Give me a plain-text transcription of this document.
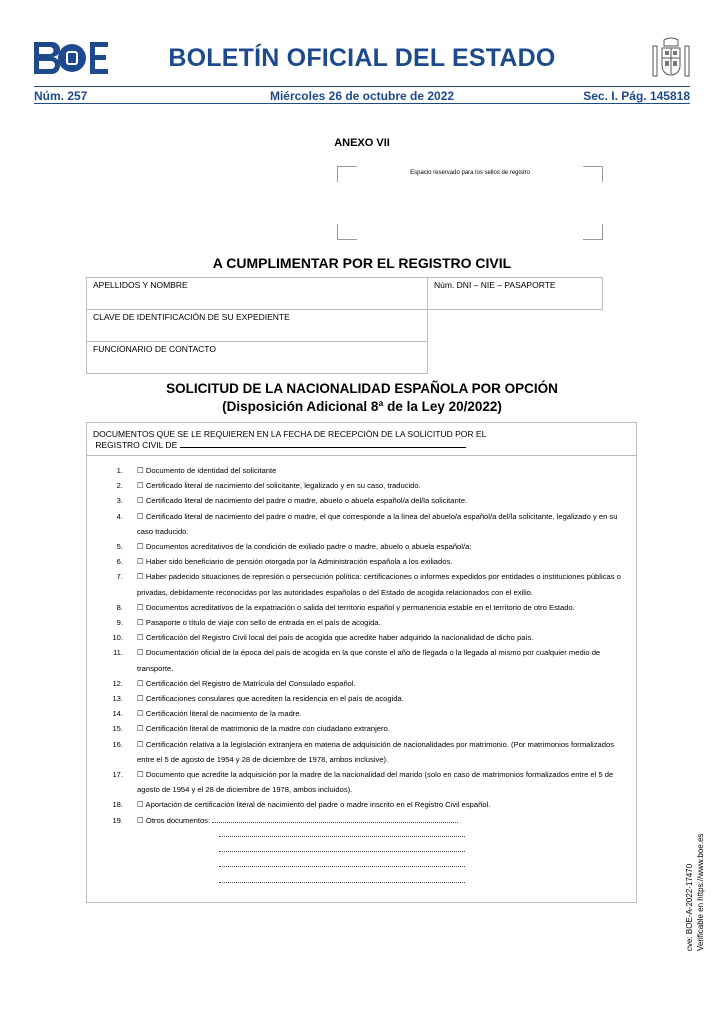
BOLETÍN OFICIAL DEL ESTADO
Miércoles 26 de octubre de 2022
Núm. 257	Sec. I. Pág. 145818
ANEXO VII
Espacio reservado para los sellos de registro
A CUMPLIMENTAR POR EL REGISTRO CIVIL
APELLIDOS Y NOMBRE	Núm. DNI – NIE – PASAPORTE
CLAVE DE IDENTIFICACIÓN DE SU EXPEDIENTE
FUNCIONARIO DE CONTACTO
SOLICITUD DE LA NACIONALIDAD ESPAÑOLA POR OPCIÓN
(Disposición Adicional 8ª de la Ley 20/2022)
DOCUMENTOS QUE SE LE REQUIEREN EN LA FECHA DE RECEPCIÓN DE LA SOLICITUD POR EL
REGISTRO CIVIL DE
1. ☐ Documento de identidad del solicitante
2. ☐ Certificado literal de nacimiento del solicitante, legalizado y en su caso, traducido.
3. ☐ Certificado literal de nacimiento del padre o madre, abuelo o abuela español/a del/la solicitante.
4. ☐ Certificado literal de nacimiento del padre o madre, el que corresponde a la línea del abuelo/a español/a del/la solicitante, legalizado y en su caso traducido.
5. ☐ Documentos acreditativos de la condición de exiliado padre o madre, abuelo o abuela español/a:
6. ☐ Haber sido beneficiario de pensión otorgada por la Administración española a los exiliados.
7. ☐ Haber padecido situaciones de represión o persecución política: certificaciones o informes expedidos por entidades o instituciones públicas o privadas, debidamente reconocidas por las autoridades españolas o del Estado de acogida relacionados con el exilio.
8. ☐ Documentos acreditativos de la expatriación o salida del territorio español y permanencia estable en el territorio de otro Estado.
9. ☐ Pasaporte o título de viaje con sello de entrada en el país de acogida.
10. ☐ Certificación del Registro Civil local del país de acogida que acredite haber adquirido la nacionalidad de dicho país.
11. ☐ Documentación oficial de la época del país de acogida en la que conste el año de llegada o la llegada al mismo por cualquier medio de transporte.
12. ☐ Certificación del Registro de Matrícula del Consulado español.
13. ☐ Certificaciones consulares que acrediten la residencia en el país de acogida.
14. ☐ Certificación literal de nacimiento de la madre.
15. ☐ Certificación literal de matrimonio de la madre con ciudadano extranjero.
16. ☐ Certificación relativa a la legislación extranjera en materia de adquisición de nacionalidades por matrimonio. (Por matrimonios formalizados entre el 5 de agosto de 1954 y 28 de diciembre de 1978, ambos inclusive).
17. ☐ Documento que acredite la adquisición por la madre de la nacionalidad del marido (solo en caso de matrimonios formalizados entre el 5 de agosto de 1954 y el 28 de diciembre de 1978, ambos incluidos).
18. ☐ Aportación de certificación literal de nacimiento del padre o madre inscrito en el Registro Civil español.
19. ☐ Otros documentos:
cve: BOE-A-2022-17470 Verificable en https://www.boe.es
